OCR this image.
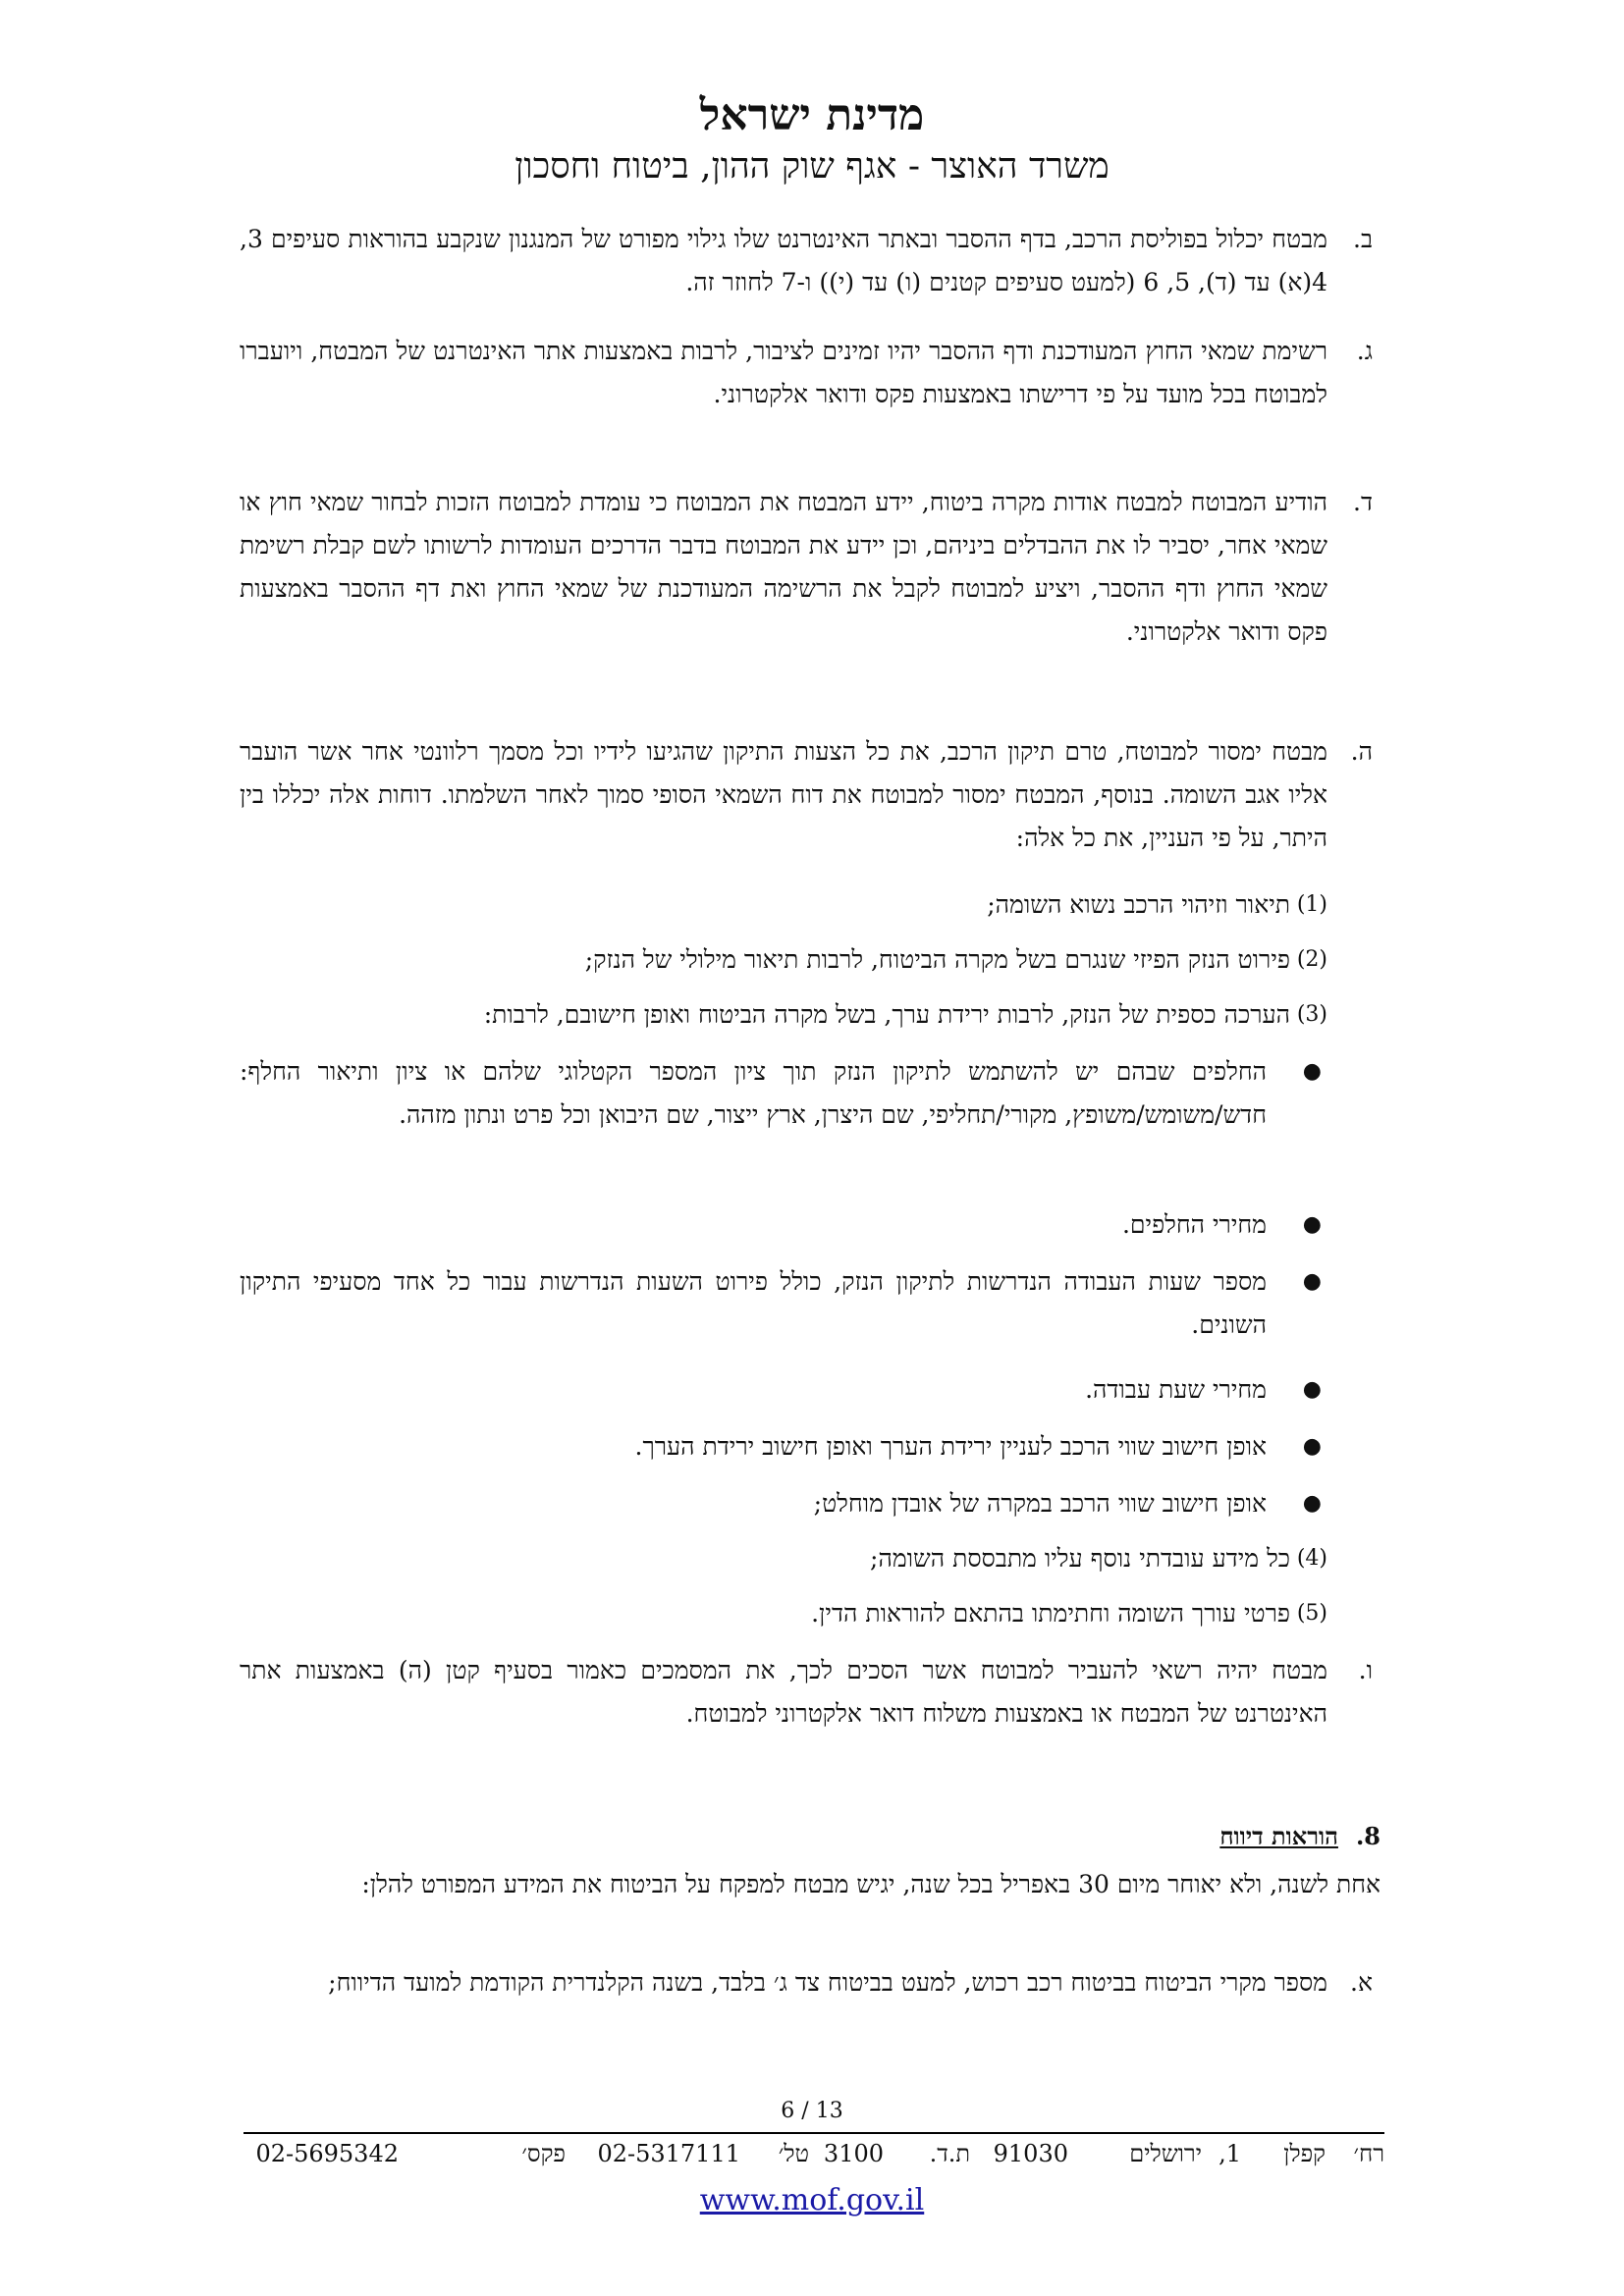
מדינת ישראל
משרד האוצר - אגף שוק ההון, ביטוח וחסכון
ב.
מבטח יכלול בפוליסת הרכב, בדף ההסבר ובאתר האינטרנט שלו גילוי מפורט של המנגנון שנקבע בהוראות סעיפים 3, 4(א) עד (ד), 5, 6 (למעט סעיפים קטנים (ו) עד (י)) ו-7 לחוזר זה.
ג.
רשימת שמאי החוץ המעודכנת ודף ההסבר יהיו זמינים לציבור, לרבות באמצעות אתר האינטרנט של המבטח, ויועברו למבוטח בכל מועד על פי דרישתו באמצעות פקס ודואר אלקטרוני.
ד.
הודיע המבוטח למבטח אודות מקרה ביטוח, יידע המבטח את המבוטח כי עומדת למבוטח הזכות לבחור שמאי חוץ או שמאי אחר, יסביר לו את ההבדלים ביניהם, וכן יידע את המבוטח בדבר הדרכים העומדות לרשותו לשם קבלת רשימת שמאי החוץ ודף ההסבר, ויציע למבוטח לקבל את הרשימה המעודכנת של שמאי החוץ ואת דף ההסבר באמצעות פקס ודואר אלקטרוני.
ה.
מבטח ימסור למבוטח, טרם תיקון הרכב, את כל הצעות התיקון שהגיעו לידיו וכל מסמך רלוונטי אחר אשר הועבר אליו אגב השומה. בנוסף, המבטח ימסור למבוטח את דוח השמאי הסופי סמוך לאחר השלמתו. דוחות אלה יכללו בין היתר, על פי העניין, את כל אלה:
(1)
תיאור וזיהוי הרכב נשוא השומה;
(2)
פירוט הנזק הפיזי שנגרם בשל מקרה הביטוח, לרבות תיאור מילולי של הנזק;
(3)
הערכה כספית של הנזק, לרבות ירידת ערך, בשל מקרה הביטוח ואופן חישובם, לרבות:
●
החלפים שבהם יש להשתמש לתיקון הנזק תוך ציון המספר הקטלוגי שלהם או ציון ותיאור החלף: חדש/משומש/משופץ, מקורי/תחליפי, שם היצרן, ארץ ייצור, שם היבואן וכל פרט ונתון מזהה.
●
מחירי החלפים.
●
מספר שעות העבודה הנדרשות לתיקון הנזק, כולל פירוט השעות הנדרשות עבור כל אחד מסעיפי התיקון השונים.
●
מחירי שעת עבודה.
●
אופן חישוב שווי הרכב לעניין ירידת הערך ואופן חישוב ירידת הערך.
●
אופן חישוב שווי הרכב במקרה של אובדן מוחלט;
(4)
כל מידע עובדתי נוסף עליו מתבססת השומה;
(5)
פרטי עורך השומה וחתימתו בהתאם להוראות הדין.
ו.
מבטח יהיה רשאי להעביר למבוטח אשר הסכים לכך, את המסמכים כאמור בסעיף קטן (ה) באמצעות אתר האינטרנט של המבטח או באמצעות משלוח דואר אלקטרוני למבוטח.
8.הוראות דיווח
אחת לשנה, ולא יאוחר מיום 30 באפריל בכל שנה, יגיש מבטח למפקח על הביטוח את המידע המפורט להלן:
א.
מספר מקרי הביטוח בביטוח רכב רכוש, למעט בביטוח צד ג׳ בלבד, בשנה הקלנדרית הקודמת למועד הדיווח;
6 / 13
רח׳
קפלן
1,
ירושלים
91030
ת.ד.
3100
טל׳
02-5317111
פקס׳
02-5695342
www.mof.gov.il
